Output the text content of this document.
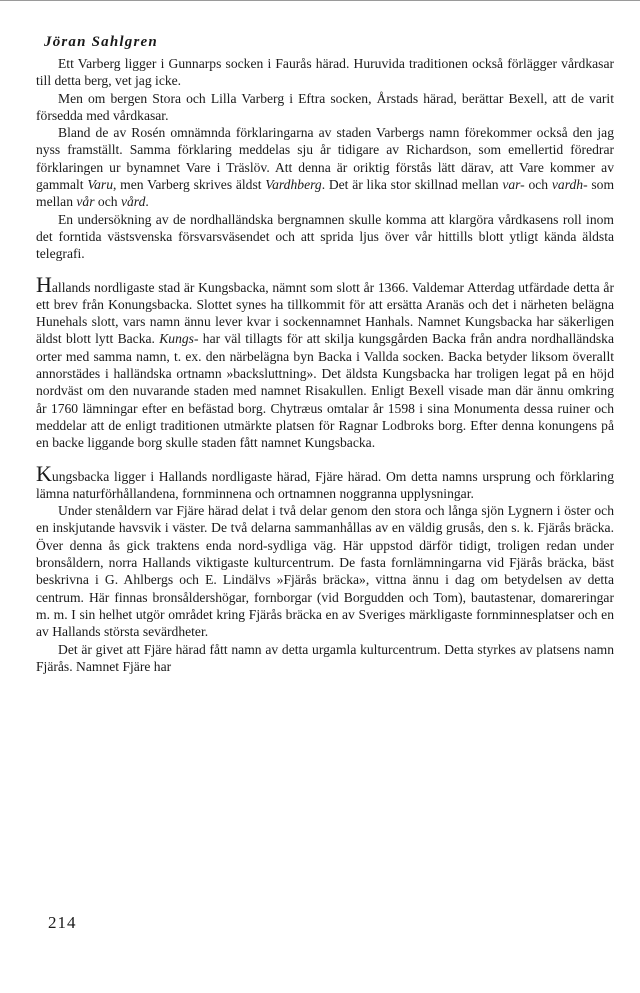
Jöran Sahlgren

Ett Varberg ligger i Gunnarps socken i Faurås härad. Huruvida traditionen också förlägger vårdkasar till detta berg, vet jag icke.

Men om bergen Stora och Lilla Varberg i Eftra socken, Årstads härad, berättar Bexell, att de varit försedda med vårdkasar.

Bland de av Rosén omnämnda förklaringarna av staden Varbergs namn förekommer också den jag nyss framställt. Samma förklaring meddelas sju år tidigare av Richardson, som emellertid föredrar förklaringen ur bynamnet Vare i Träslöv. Att denna är oriktig förstås lätt därav, att Vare kommer av gammalt Varu, men Varberg skrives äldst Vardhberg. Det är lika stor skillnad mellan var- och vardh- som mellan vår och vård.

En undersökning av de nordhalländska bergnamnen skulle komma att klargöra vårdkasens roll inom det forntida västsvenska försvarsväsendet och att sprida ljus över vår hittills blott ytligt kända äldsta telegrafi.

Hallands nordligaste stad är Kungsbacka, nämnt som slott år 1366. Valdemar Atterdag utfärdade detta år ett brev från Konungsbacka. Slottet synes ha tillkommit för att ersätta Aranäs och det i närheten belägna Hunehals slott, vars namn ännu lever kvar i sockennamnet Hanhals. Namnet Kungsbacka har säkerligen äldst blott lytt Backa. Kungs- har väl tillagts för att skilja kungsgården Backa från andra nordhalländska orter med samma namn, t. ex. den närbelägna byn Backa i Vallda socken. Backa betyder liksom överallt annorstädes i halländska ortnamn »backsluttning». Det äldsta Kungsbacka har troligen legat på en höjd nordväst om den nuvarande staden med namnet Risakullen. Enligt Bexell visade man där ännu omkring år 1760 lämningar efter en befästad borg. Chytræus omtalar år 1598 i sina Monumenta dessa ruiner och meddelar att de enligt traditionen utmärkte platsen för Ragnar Lodbroks borg. Efter denna konungens på en backe liggande borg skulle staden fått namnet Kungsbacka.

Kungsbacka ligger i Hallands nordligaste härad, Fjäre härad. Om detta namns ursprung och förklaring lämna naturförhållandena, fornminnena och ortnamnen noggranna upplysningar.

Under stenåldern var Fjäre härad delat i två delar genom den stora och långa sjön Lygnern i öster och en inskjutande havsvik i väster. De två delarna sammanhållas av en väldig grusås, den s. k. Fjärås bräcka. Över denna ås gick traktens enda nord-sydliga väg. Här uppstod därför tidigt, troligen redan under bronsåldern, norra Hallands viktigaste kulturcentrum. De fasta fornlämningarna vid Fjärås bräcka, bäst beskrivna i G. Ahlbergs och E. Lindälvs »Fjärås bräcka», vittna ännu i dag om betydelsen av detta centrum. Här finnas bronsåldershögar, fornborgar (vid Borgudden och Tom), bautastenar, domareringar m. m. I sin helhet utgör området kring Fjärås bräcka en av Sveriges märkligaste fornminnesplatser och en av Hallands största sevärdheter.

Det är givet att Fjäre härad fått namn av detta urgamla kulturcentrum. Detta styrkes av platsens namn Fjärås. Namnet Fjäre har

214
